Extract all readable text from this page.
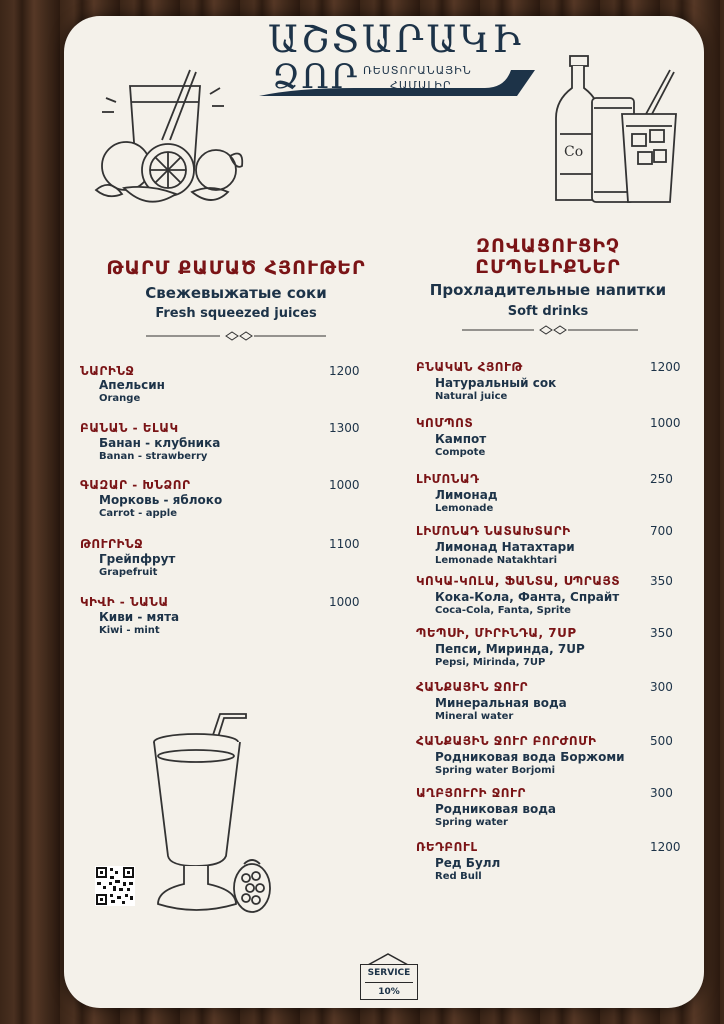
ԱՇՏԱՐԱԿԻ
ՁՈՐ ՌԵՍՏՈՐԱՆԱՅԻՆ
ՀԱՄԱԼԻՐ
Co
ԹԱՐՄ ՔԱՄԱԾ ՀՅՈՒԹԵՐ
Свежевыжатые соки
Fresh squeezed juices
ՆԱՐԻՆՋ
Апельсин
Orange
1200
ԲԱՆԱՆ - ԵԼԱԿ
Банан - клубника
Banan - strawberry
1300
ԳԱԶԱՐ - ԽՆՁՈՐ
Морковь - яблоко
Carrot - apple
1000
ԹՈՒՐԻՆՋ
Грейпфрут
Grapefruit
1100
ԿԻՎԻ - ՆԱՆԱ
Киви - мята
Kiwi - mint
1000
ԶՈՎԱՑՈՒՑԻՉ
ԸՄՊԵԼԻՔՆԵՐ
Прохладительные напитки
Soft drinks
ԲՆԱԿԱՆ ՀՅՈՒԹ
Натуральный сок
Natural juice
1200
ԿՈՄՊՈՏ
Кампот
Compote
1000
ԼԻՄՈՆԱԴ
Лимонад
Lemonade
250
ԼԻՄՈՆԱԴ ՆԱՏԱԽՏԱՐԻ
Лимонад Натахтари
Lemonade Natakhtari
700
ԿՈԿԱ-ԿՈԼԱ, ՖԱՆՏԱ, ՍՊՐԱՅՏ
Кока-Кола, Фанта, Спрайт
Coca-Cola, Fanta, Sprite
350
ՊԵՊՍԻ, ՄԻՐԻՆԴԱ, 7UP
Пепси, Миринда, 7UP
Pepsi, Mirinda, 7UP
350
ՀԱՆՔԱՅԻՆ ՋՈՒՐ
Минеральная вода
Mineral water
300
ՀԱՆՔԱՅԻՆ ՋՈՒՐ ԲՈՐԺՈՄԻ
Родниковая вода Боржоми
Spring water Borjomi
500
ԱՂԲՅՈՒՐԻ ՋՈՒՐ
Родниковая вода
Spring water
300
ՌԵԴԲՈՒԼ
Ред Булл
Red Bull
1200
SERVICE
10%
